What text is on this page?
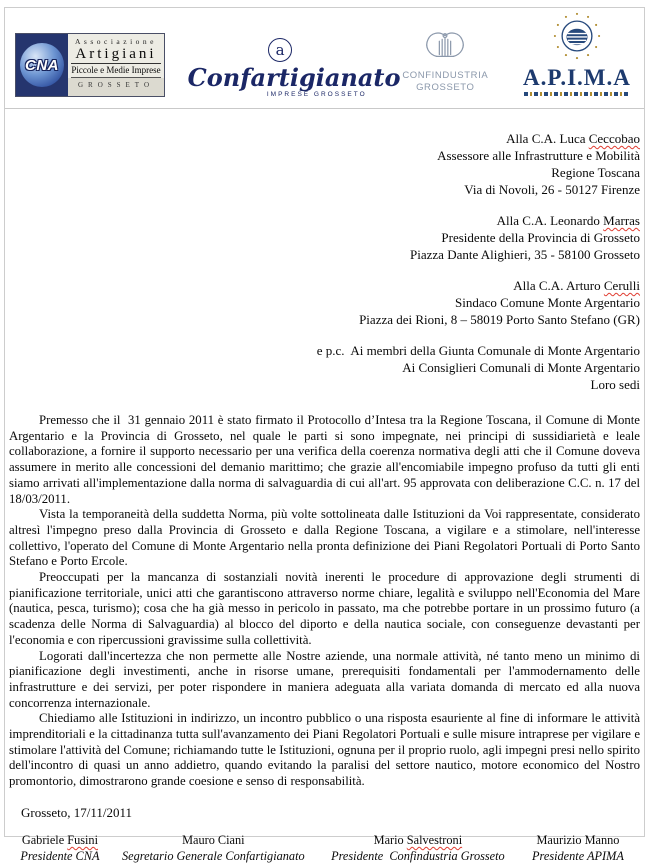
CNA
Associazione
Artigiani
Piccole e Medie Imprese
GROSSETO
a
Confartigianato
IMPRESE GROSSETO
CONFINDUSTRIA
GROSSETO	A.P.I.M.A
Alla C.A. Luca Ceccobao
Assessore alle Infrastrutture e Mobilità
Regione Toscana
Via di Novoli, 26 - 50127 Firenze
Alla C.A. Leonardo Marras
Presidente della Provincia di Grosseto
Piazza Dante Alighieri, 35 - 58100 Grosseto
Alla C.A. Arturo Cerulli
Sindaco Comune Monte Argentario
Piazza dei Rioni, 8 – 58019 Porto Santo Stefano (GR)
e p.c.  Ai membri della Giunta Comunale di Monte Argentario
Ai Consiglieri Comunali di Monte Argentario
Loro sedi

Premesso che il  31 gennaio 2011 è stato firmato il Protocollo d’Intesa tra la Regione Toscana, il Comune di Monte Argentario e la Provincia di Grosseto, nel quale le parti si sono impegnate, nei principi di sussidiarietà e leale collaborazione, a fornire il supporto necessario per una verifica della coerenza normativa degli atti che il Comune doveva assumere in merito alle concessioni del demanio marittimo; che grazie all'encomiabile impegno profuso da tutti gli enti siamo arrivati all'implementazione dalla norma di salvaguardia di cui all'art. 95 approvata con deliberazione C.C. n. 17 del 18/03/2011.

Vista la temporaneità della suddetta Norma, più volte sottolineata dalle Istituzioni da Voi rappresentate, considerato altresì l'impegno preso dalla Provincia di Grosseto e dalla Regione Toscana, a vigilare e a stimolare, nell'interesse collettivo, l'operato del Comune di Monte Argentario nella pronta definizione dei Piani Regolatori Portuali di Porto Santo Stefano e Porto Ercole.

Preoccupati per la mancanza di sostanziali novità inerenti le procedure di approvazione degli strumenti di pianificazione territoriale, unici atti che garantiscono attraverso norme chiare, legalità e sviluppo nell'Economia del Mare (nautica, pesca, turismo); cosa che ha già messo in pericolo in passato, ma che potrebbe portare in un prossimo futuro (a scadenza delle Norma di Salvaguardia) al blocco del diporto e della nautica sociale, con conseguenze devastanti per l'economia e con ripercussioni gravissime sulla collettività.

Logorati dall'incertezza che non permette alle Nostre aziende, una normale attività, né tanto meno un minimo di pianificazione degli investimenti, anche in risorse umane, prerequisiti fondamentali per l'ammodernamento delle infrastrutture e dei servizi, per poter rispondere in maniera adeguata alla variata domanda di mercato ed alla nuova concorrenza internazionale.

Chiediamo alle Istituzioni in indirizzo, un incontro pubblico o una risposta esauriente al fine di informare le attività imprenditoriali e la cittadinanza tutta sull'avanzamento dei Piani Regolatori Portuali e sulle misure intraprese per vigilare e stimolare l'attività del Comune; richiamando tutte le Istituzioni, ognuna per il proprio ruolo, agli impegni presi nello spirito dell'incontro di quasi un anno addietro, quando evitando la paralisi del settore nautico, motore economico del Nostro promontorio, dimostrarono grande coesione e senso di responsabilità.

Grosseto, 17/11/2011
Gabriele Fusini
Presidente CNA
Mauro Ciani
Segretario Generale Confartigianato
Mario Salvestroni
Presidente  Confindustria Grosseto
Maurizio Manno
Presidente APIMA
